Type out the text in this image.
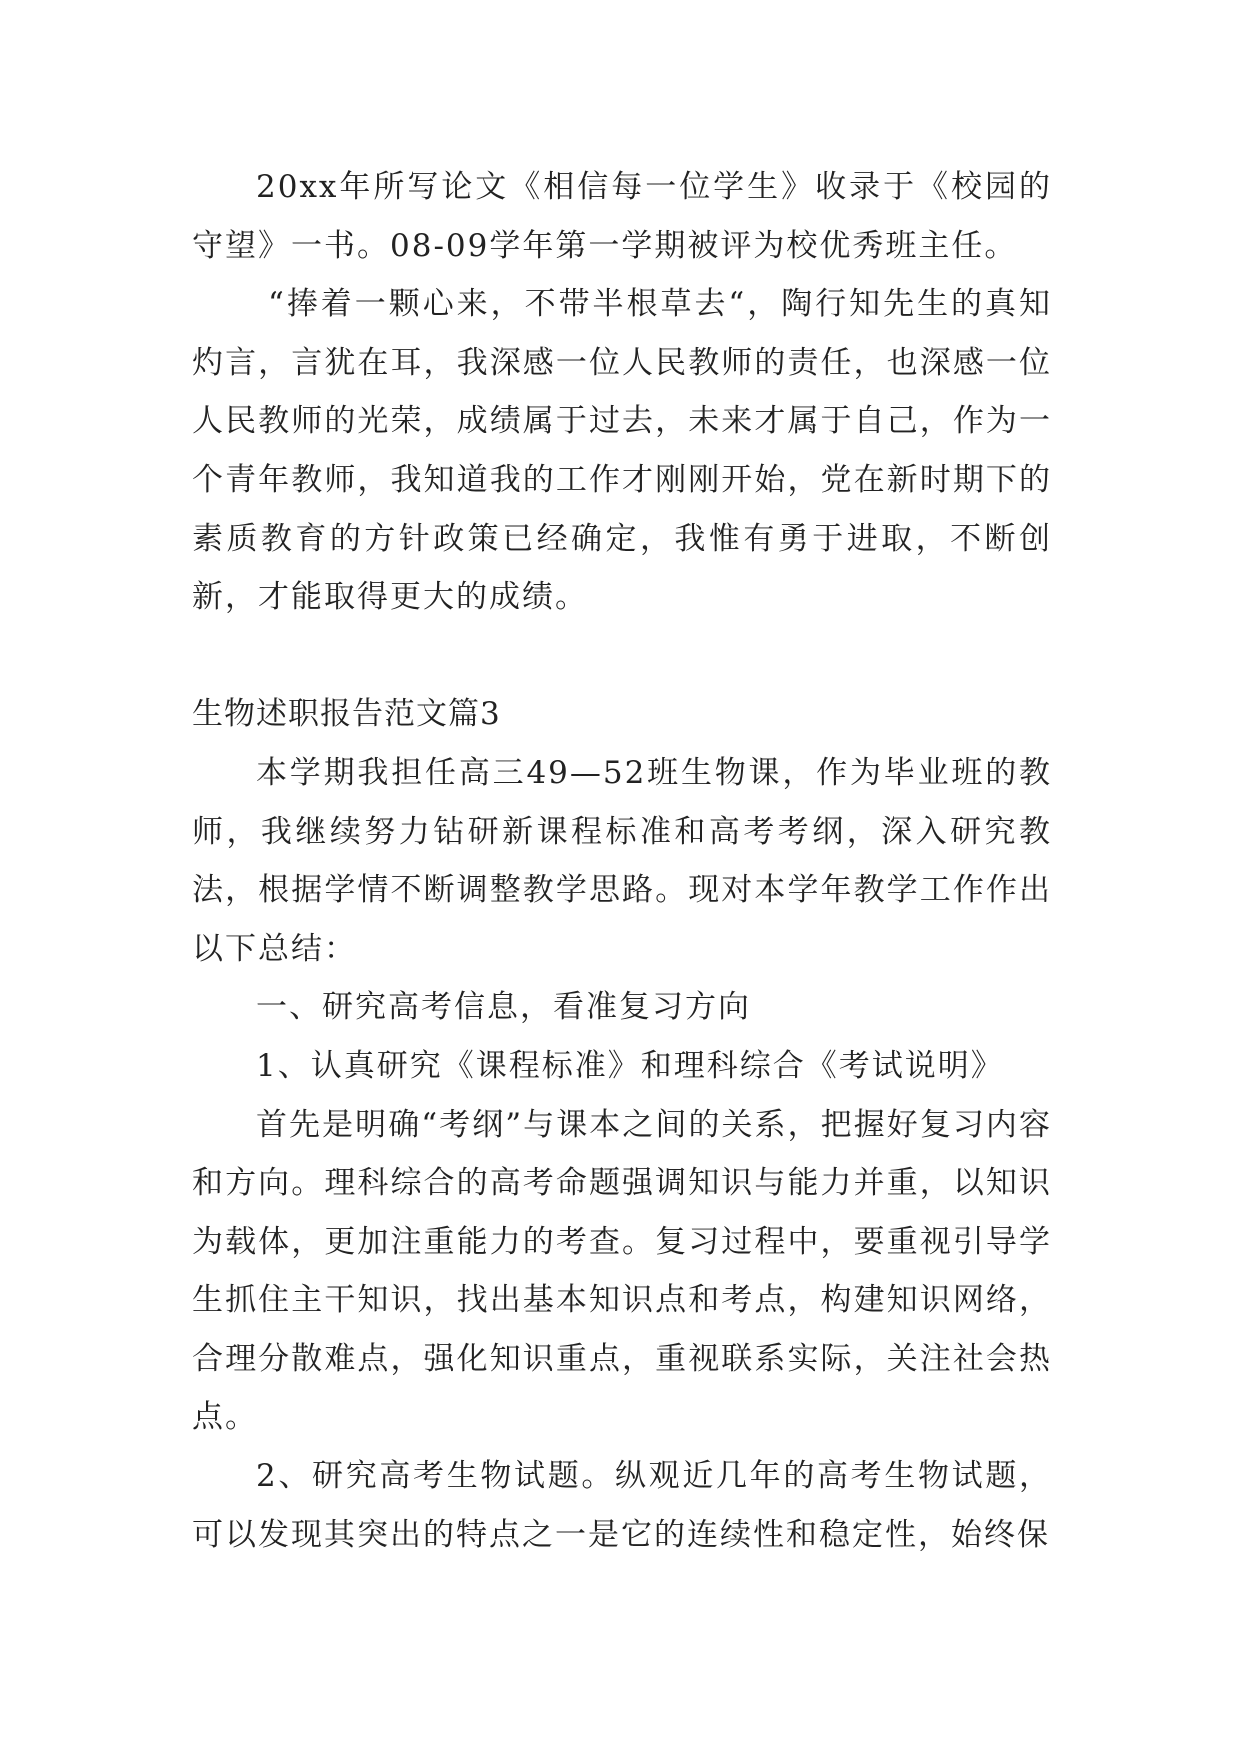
20xx年所写论文《相信每一位学生》收录于《校园的守望》一书。08-09学年第一学期被评为校优秀班主任。

“捧着一颗心来，不带半根草去“，陶行知先生的真知灼言，言犹在耳，我深感一位人民教师的责任，也深感一位人民教师的光荣，成绩属于过去，未来才属于自己，作为一个青年教师，我知道我的工作才刚刚开始，党在新时期下的素质教育的方针政策已经确定，我惟有勇于进取，不断创新，才能取得更大的成绩。

生物述职报告范文篇3

本学期我担任高三49—52班生物课，作为毕业班的教师，我继续努力钻研新课程标准和高考考纲，深入研究教法，根据学情不断调整教学思路。现对本学年教学工作作出以下总结：

一、研究高考信息，看准复习方向

1、认真研究《课程标准》和理科综合《考试说明》

首先是明确“考纲”与课本之间的关系，把握好复习内容和方向。理科综合的高考命题强调知识与能力并重，以知识为载体，更加注重能力的考查。复习过程中，要重视引导学生抓住主干知识，找出基本知识点和考点，构建知识网络，合理分散难点，强化知识重点，重视联系实际，关注社会热点。

2、研究高考生物试题。纵观近几年的高考生物试题，可以发现其突出的特点之一是它的连续性和稳定性，始终保
